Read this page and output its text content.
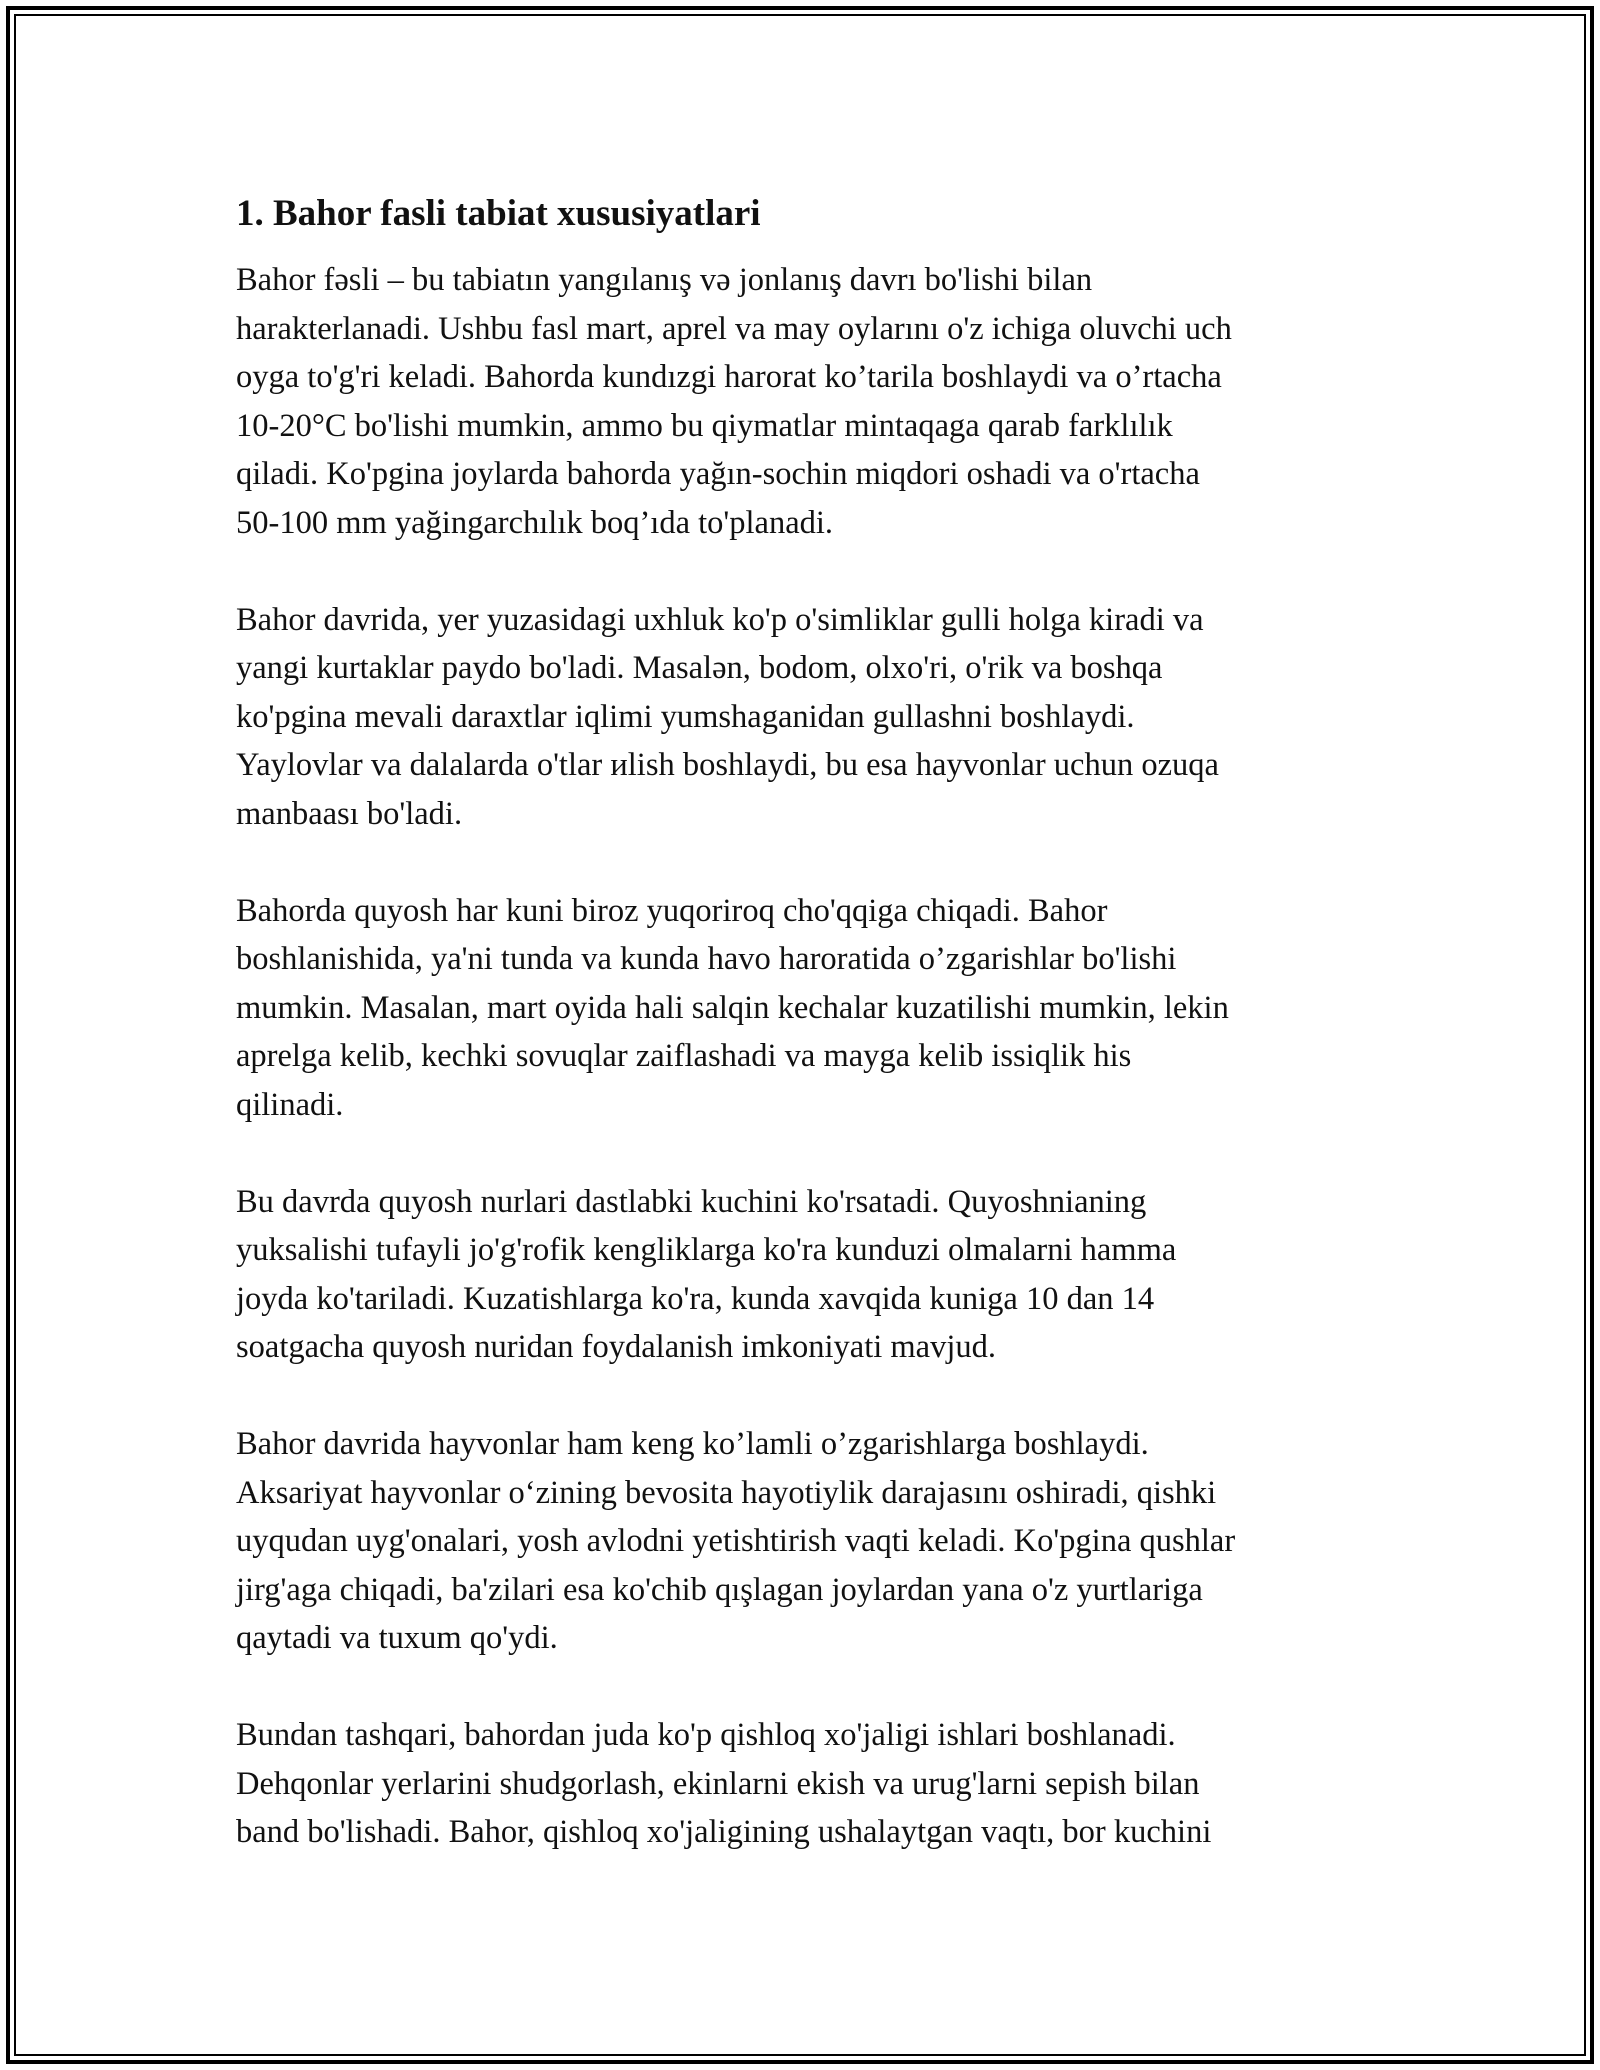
1. Bahor fasli tabiat xususiyatlari
Bahor fəsli – bu tabiatın yangılanış və jonlanış davrı bo'lishi bilan
harakterlanadi. Ushbu fasl mart, aprel va may oylarını o'z ichiga oluvchi uch
oyga to'g'ri keladi. Bahorda kundızgi harorat ko’tarila boshlaydi va o’rtacha
10-20°C bo'lishi mumkin, ammo bu qiymatlar mintaqaga qarab farklılık
qiladi. Ko'pgina joylarda bahorda yağın-sochin miqdori oshadi va o'rtacha
50-100 mm yağingarchılık boq’ıda to'planadi.
Bahor davrida, yer yuzasidagi uxhluk ko'p o'simliklar gulli holga kiradi va
yangi kurtaklar paydo bo'ladi. Masalən, bodom, olxo'ri, o'rik va boshqa
ko'pgina mevali daraxtlar iqlimi yumshaganidan gullashni boshlaydi.
Yaylovlar va dalalarda o'tlar иlish boshlaydi, bu esa hayvonlar uchun ozuqa
manbaası bo'ladi.
Bahorda quyosh har kuni biroz yuqoriroq cho'qqiga chiqadi. Bahor
boshlanishida, ya'ni tunda va kunda havo haroratida o’zgarishlar bo'lishi
mumkin. Masalan, mart oyida hali salqin kechalar kuzatilishi mumkin, lekin
aprelga kelib, kechki sovuqlar zaiflashadi va mayga kelib issiqlik his
qilinadi.
Bu davrda quyosh nurlari dastlabki kuchini ko'rsatadi. Quyoshnianing
yuksalishi tufayli jo'g'rofik kengliklarga ko'ra kunduzi olmalarni hamma
joyda ko'tariladi. Kuzatishlarga ko'ra, kunda xavqida kuniga 10 dan 14
soatgacha quyosh nuridan foydalanish imkoniyati mavjud.
Bahor davrida hayvonlar ham keng ko’lamli o’zgarishlarga boshlaydi.
Aksariyat hayvonlar o‘zining bevosita hayotiylik darajasını oshiradi, qishki
uyqudan uyg'onalari, yosh avlodni yetishtirish vaqti keladi. Ko'pgina qushlar
jirg'aga chiqadi, ba'zilari esa ko'chib qışlagan joylardan yana o'z yurtlariga
qaytadi va tuxum qo'ydi.
Bundan tashqari, bahordan juda ko'p qishloq xo'jaligi ishlari boshlanadi.
Dehqonlar yerlarini shudgorlash, ekinlarni ekish va urug'larni sepish bilan
band bo'lishadi. Bahor, qishloq xo'jaligining ushalaytgan vaqtı, bor kuchini
